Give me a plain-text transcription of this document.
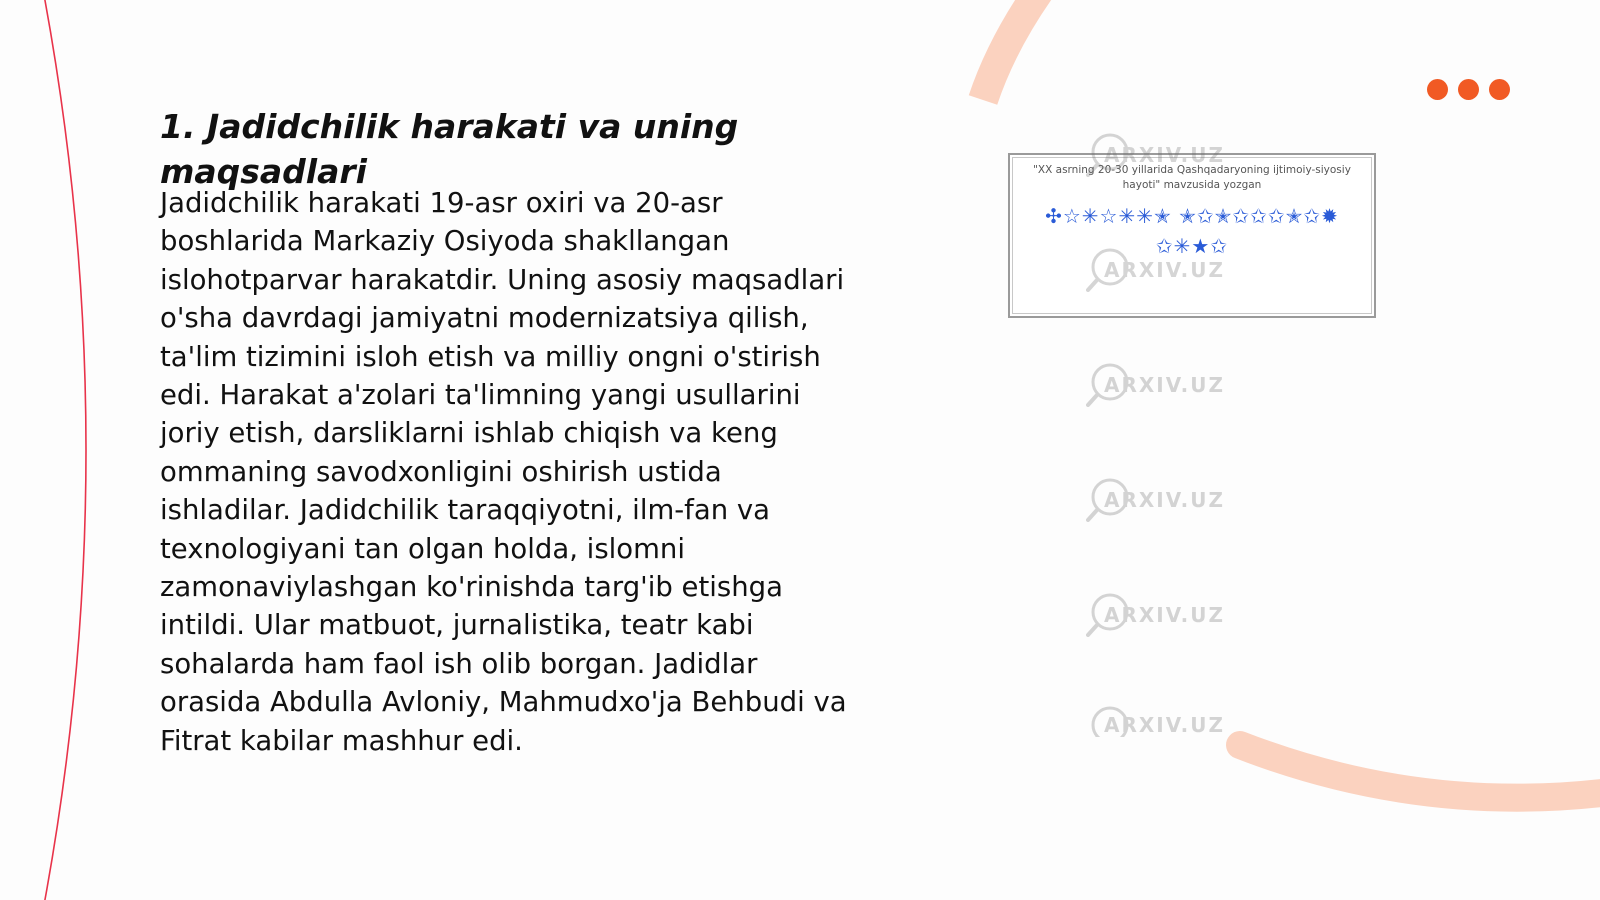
1. Jadidchilik harakati va uning maqsadlari

Jadidchilik harakati 19-asr oxiri va 20-asr boshlarida Markaziy Osiyoda shakllangan islohotparvar harakatdir. Uning asosiy maqsadlari o'sha davrdagi jamiyatni modernizatsiya qilish, ta'lim tizimini isloh etish va milliy ongni o'stirish edi. Harakat a'zolari ta'limning yangi usullarini joriy etish, darsliklarni ishlab chiqish va keng ommaning savodxonligini oshirish ustida ishladilar. Jadidchilik taraqqiyotni, ilm-fan va texnologiyani tan olgan holda, islomni zamonaviylashgan ko'rinishda targ'ib etishga intildi. Ular matbuot, jurnalistika, teatr kabi sohalarda ham faol ish olib borgan. Jadidlar orasida Abdulla Avloniy, Mahmudxo'ja Behbudi va Fitrat kabilar mashhur edi.

"XX asrning 20-30 yillarida Qashqadaryoning ijtimoiy-siyosiy hayoti" mavzusida yozgan
✣☆✳☆✳✳✭ ✭✩✭✩✩✩✭✩✹ ✩✳★✩
ARXIV.UZ
ARXIV.UZ
ARXIV.UZ
ARXIV.UZ
ARXIV.UZ
ARXIV.UZ
